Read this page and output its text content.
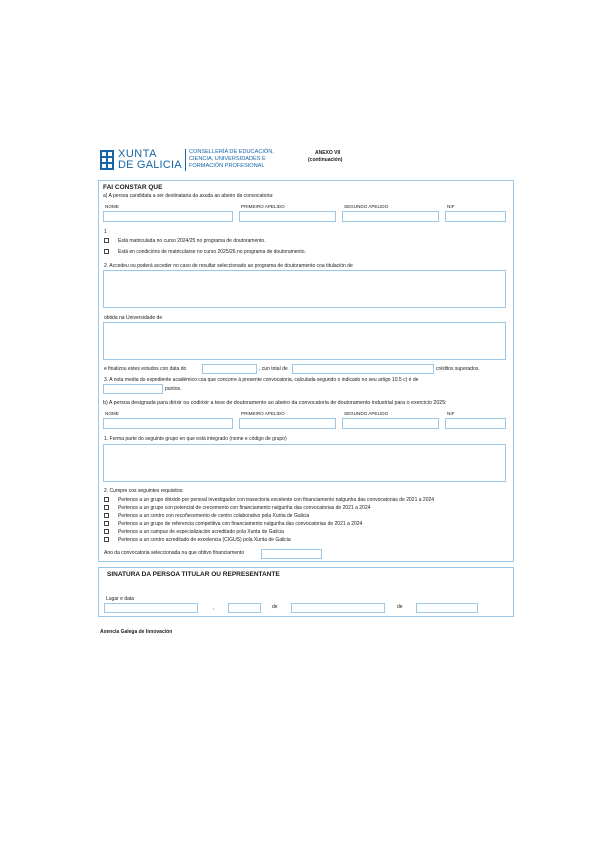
XUNTA
DE GALICIA
CONSELLERÍA DE EDUCACIÓN,
CIENCIA, UNIVERSIDADES E
FORMACIÓN PROFESIONAL
ANEXO VII
(continuación)
FAI CONSTAR QUE
a) A persoa candidata a ser destinataria da axuda ao abeiro da convocatoria:
NOME	PRIMEIRO APELIDO	SEGUNDO APELIDO	NIF
1
Está matriculada no curso 2024/25 no programa de doutoramento.
Está en condicións de matricularse no curso 2025/26 no programa de doutoramento.
2. Accedeu ou poderá acceder no caso de resultar seleccionado ao programa de doutoramento coa titulación de
obtida na Universidade de
e finalizou estes estudos con data do	, cun total de	créditos superados.
3. A nota media do expediente académico coa que concorre á presente convocatoria, calculada segundo o indicado no seu artigo 10.5 c) é de
puntos.
b) A persoa designada para dirixir ou codirixir a tese de doutoramento ao abeiro da convocatoria de doutoramento industrial para o exercicio 2025:
NOME	PRIMEIRO APELIDO	SEGUNDO APELIDO	NIF
1. Forma parte do seguinte grupo en que está integrado (nome e código de grupo)
2. Cumpre cos seguintes requisitos:
Pertence a un grupo dirixido por persoal investigador con traxectoria excelente con financiamento nalgunha das convocatorias de 2021 a 2024
Pertence a un grupo con potencial de crecemento con financiamento nalgunha das convocatorias de 2021 a 2024
Pertence a un centro con recoñecemento de centro colaborativo pola Xunta de Galicia
Pertence a un grupo de referencia competitiva con financiamento nalgunha das convocatorias de 2021 a 2024
Pertence a un campus de especialización acreditado pola Xunta de Galicia
Pertence a un centro acreditado de excelencia (CIGUS) pola Xunta de Galicia
Ano da convocatoria seleccionada na que obtivo financiamento
SINATURA DA PERSOA TITULAR OU REPRESENTANTE
Lugar e data
,	de	de
Axencia Galega de Innovación
